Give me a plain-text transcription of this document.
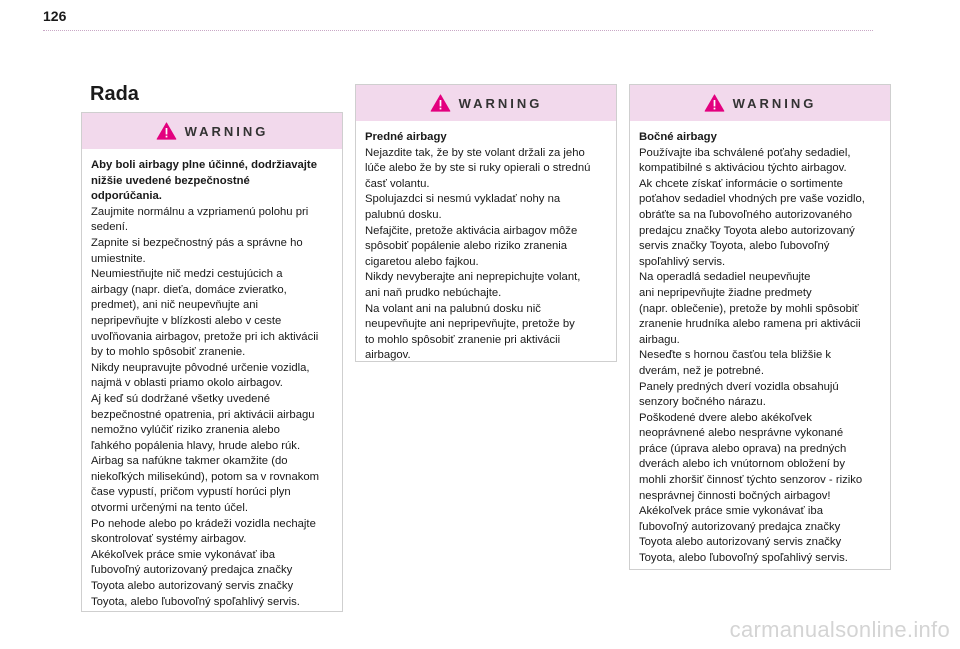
126
Rada
WARNING
Aby boli airbagy plne účinné, dodržiavajte
nižšie uvedené bezpečnostné
odporúčania.
Zaujmite normálnu a vzpriamenú polohu pri
sedení.
Zapnite si bezpečnostný pás a správne ho
umiestnite.
Neumiestňujte nič medzi cestujúcich a
airbagy (napr. dieťa, domáce zvieratko,
predmet), ani nič neupevňujte ani
nepripevňujte v blízkosti alebo v ceste
uvoľňovania airbagov, pretože pri ich aktivácii
by to mohlo spôsobiť zranenie.
Nikdy neupravujte pôvodné určenie vozidla,
najmä v oblasti priamo okolo airbagov.
Aj keď sú dodržané všetky uvedené
bezpečnostné opatrenia, pri aktivácii airbagu
nemožno vylúčiť riziko zranenia alebo
ľahkého popálenia hlavy, hrude alebo rúk.
Airbag sa nafúkne takmer okamžite (do
niekoľkých milisekúnd), potom sa v rovnakom
čase vypustí, pričom vypustí horúci plyn
otvormi určenými na tento účel.
Po nehode alebo po krádeži vozidla nechajte
skontrolovať systémy airbagov.
Akékoľvek práce smie vykonávať iba
ľubovoľný autorizovaný predajca značky
Toyota alebo autorizovaný servis značky
Toyota, alebo ľubovoľný spoľahlivý servis.
WARNING
Predné airbagy
Nejazdite tak, že by ste volant držali za jeho
lúče alebo že by ste si ruky opierali o strednú
časť volantu.
Spolujazdci si nesmú vykladať nohy na
palubnú dosku.
Nefajčite, pretože aktivácia airbagov môže
spôsobiť popálenie alebo riziko zranenia
cigaretou alebo fajkou.
Nikdy nevyberajte ani neprepichujte volant,
ani naň prudko nebúchajte.
Na volant ani na palubnú dosku nič
neupevňujte ani nepripevňujte, pretože by
to mohlo spôsobiť zranenie pri aktivácii
airbagov.
WARNING
Bočné airbagy
Používajte iba schválené poťahy sedadiel,
kompatibilné s aktiváciou týchto airbagov.
Ak chcete získať informácie o sortimente
poťahov sedadiel vhodných pre vaše vozidlo,
obráťte sa na ľubovoľného autorizovaného
predajcu značky Toyota alebo autorizovaný
servis značky Toyota, alebo ľubovoľný
spoľahlivý servis.
Na operadlá sedadiel neupevňujte
ani nepripevňujte žiadne predmety
(napr. oblečenie), pretože by mohli spôsobiť
zranenie hrudníka alebo ramena pri aktivácii
airbagu.
Neseďte s hornou časťou tela bližšie k
dverám, než je potrebné.
Panely predných dverí vozidla obsahujú
senzory bočného nárazu.
Poškodené dvere alebo akékoľvek
neoprávnené alebo nesprávne vykonané
práce (úprava alebo oprava) na predných
dverách alebo ich vnútornom obložení by
mohli zhoršiť činnosť týchto senzorov - riziko
nesprávnej činnosti bočných airbagov!
Akékoľvek práce smie vykonávať iba
ľubovoľný autorizovaný predajca značky
Toyota alebo autorizovaný servis značky
Toyota, alebo ľubovoľný spoľahlivý servis.
carmanualsonline.info
